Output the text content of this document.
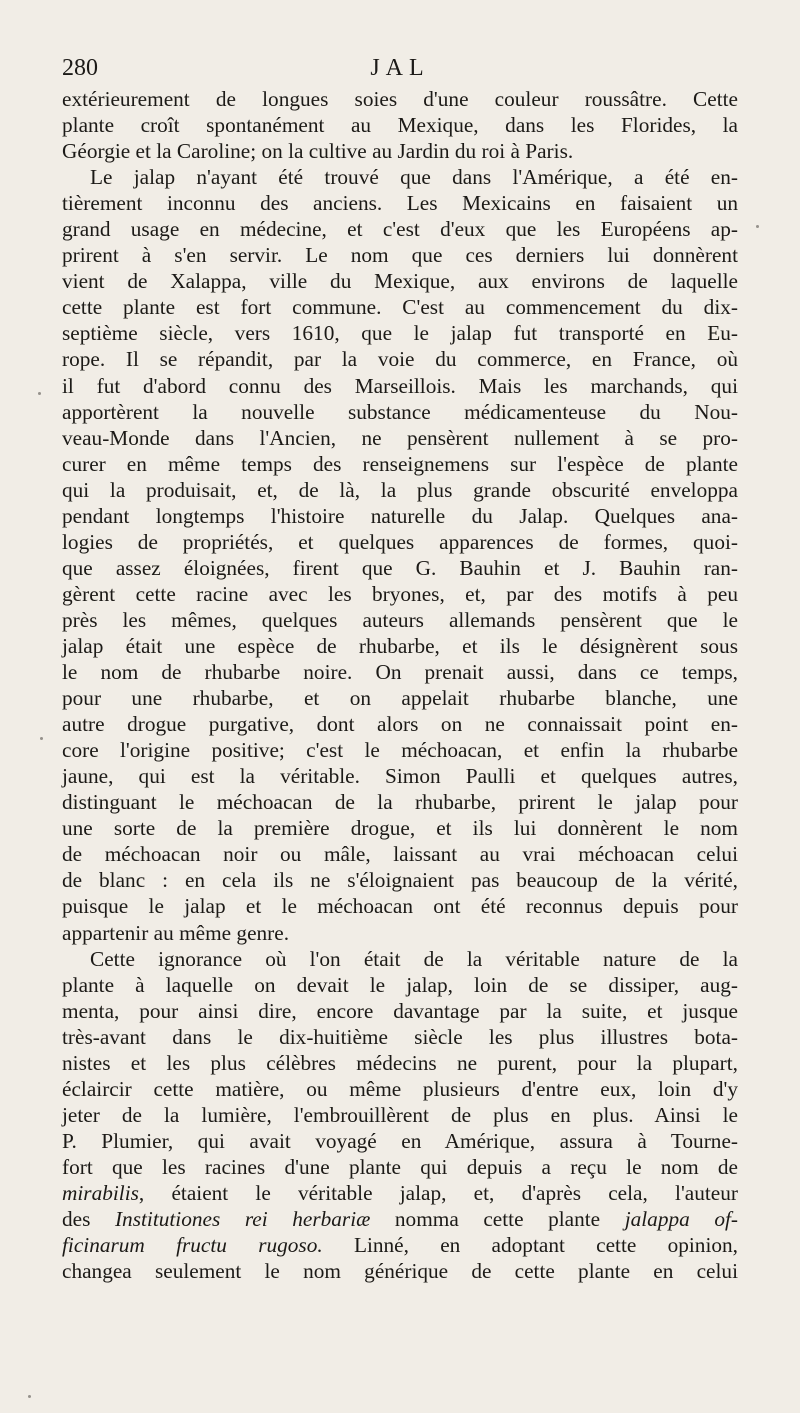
280	JAL
extérieurement de longues soies d'une couleur roussâtre. Cette
plante croît spontanément au Mexique, dans les Florides, la
Géorgie et la Caroline; on la cultive au Jardin du roi à Paris.
Le jalap n'ayant été trouvé que dans l'Amérique, a été en-
tièrement inconnu des anciens. Les Mexicains en faisaient un
grand usage en médecine, et c'est d'eux que les Européens ap-
prirent à s'en servir. Le nom que ces derniers lui donnèrent
vient de Xalappa, ville du Mexique, aux environs de laquelle
cette plante est fort commune. C'est au commencement du dix-
septième siècle, vers 1610, que le jalap fut transporté en Eu-
rope. Il se répandit, par la voie du commerce, en France, où
il fut d'abord connu des Marseillois. Mais les marchands, qui
apportèrent la nouvelle substance médicamenteuse du Nou-
veau-Monde dans l'Ancien, ne pensèrent nullement à se pro-
curer en même temps des renseignemens sur l'espèce de plante
qui la produisait, et, de là, la plus grande obscurité enveloppa
pendant longtemps l'histoire naturelle du Jalap. Quelques ana-
logies de propriétés, et quelques apparences de formes, quoi-
que assez éloignées, firent que G. Bauhin et J. Bauhin ran-
gèrent cette racine avec les bryones, et, par des motifs à peu
près les mêmes, quelques auteurs allemands pensèrent que le
jalap était une espèce de rhubarbe, et ils le désignèrent sous
le nom de rhubarbe noire. On prenait aussi, dans ce temps,
pour une rhubarbe, et on appelait rhubarbe blanche, une
autre drogue purgative, dont alors on ne connaissait point en-
core l'origine positive; c'est le méchoacan, et enfin la rhubarbe
jaune, qui est la véritable. Simon Paulli et quelques autres,
distinguant le méchoacan de la rhubarbe, prirent le jalap pour
une sorte de la première drogue, et ils lui donnèrent le nom
de méchoacan noir ou mâle, laissant au vrai méchoacan celui
de blanc : en cela ils ne s'éloignaient pas beaucoup de la vérité,
puisque le jalap et le méchoacan ont été reconnus depuis pour
appartenir au même genre.
Cette ignorance où l'on était de la véritable nature de la
plante à laquelle on devait le jalap, loin de se dissiper, aug-
menta, pour ainsi dire, encore davantage par la suite, et jusque
très-avant dans le dix-huitième siècle les plus illustres bota-
nistes et les plus célèbres médecins ne purent, pour la plupart,
éclaircir cette matière, ou même plusieurs d'entre eux, loin d'y
jeter de la lumière, l'embrouillèrent de plus en plus. Ainsi le
P. Plumier, qui avait voyagé en Amérique, assura à Tourne-
fort que les racines d'une plante qui depuis a reçu le nom de
mirabilis, étaient le véritable jalap, et, d'après cela, l'auteur
des Institutiones rei herbariæ nomma cette plante jalappa of-
ficinarum fructu rugoso. Linné, en adoptant cette opinion,
changea seulement le nom générique de cette plante en celui
